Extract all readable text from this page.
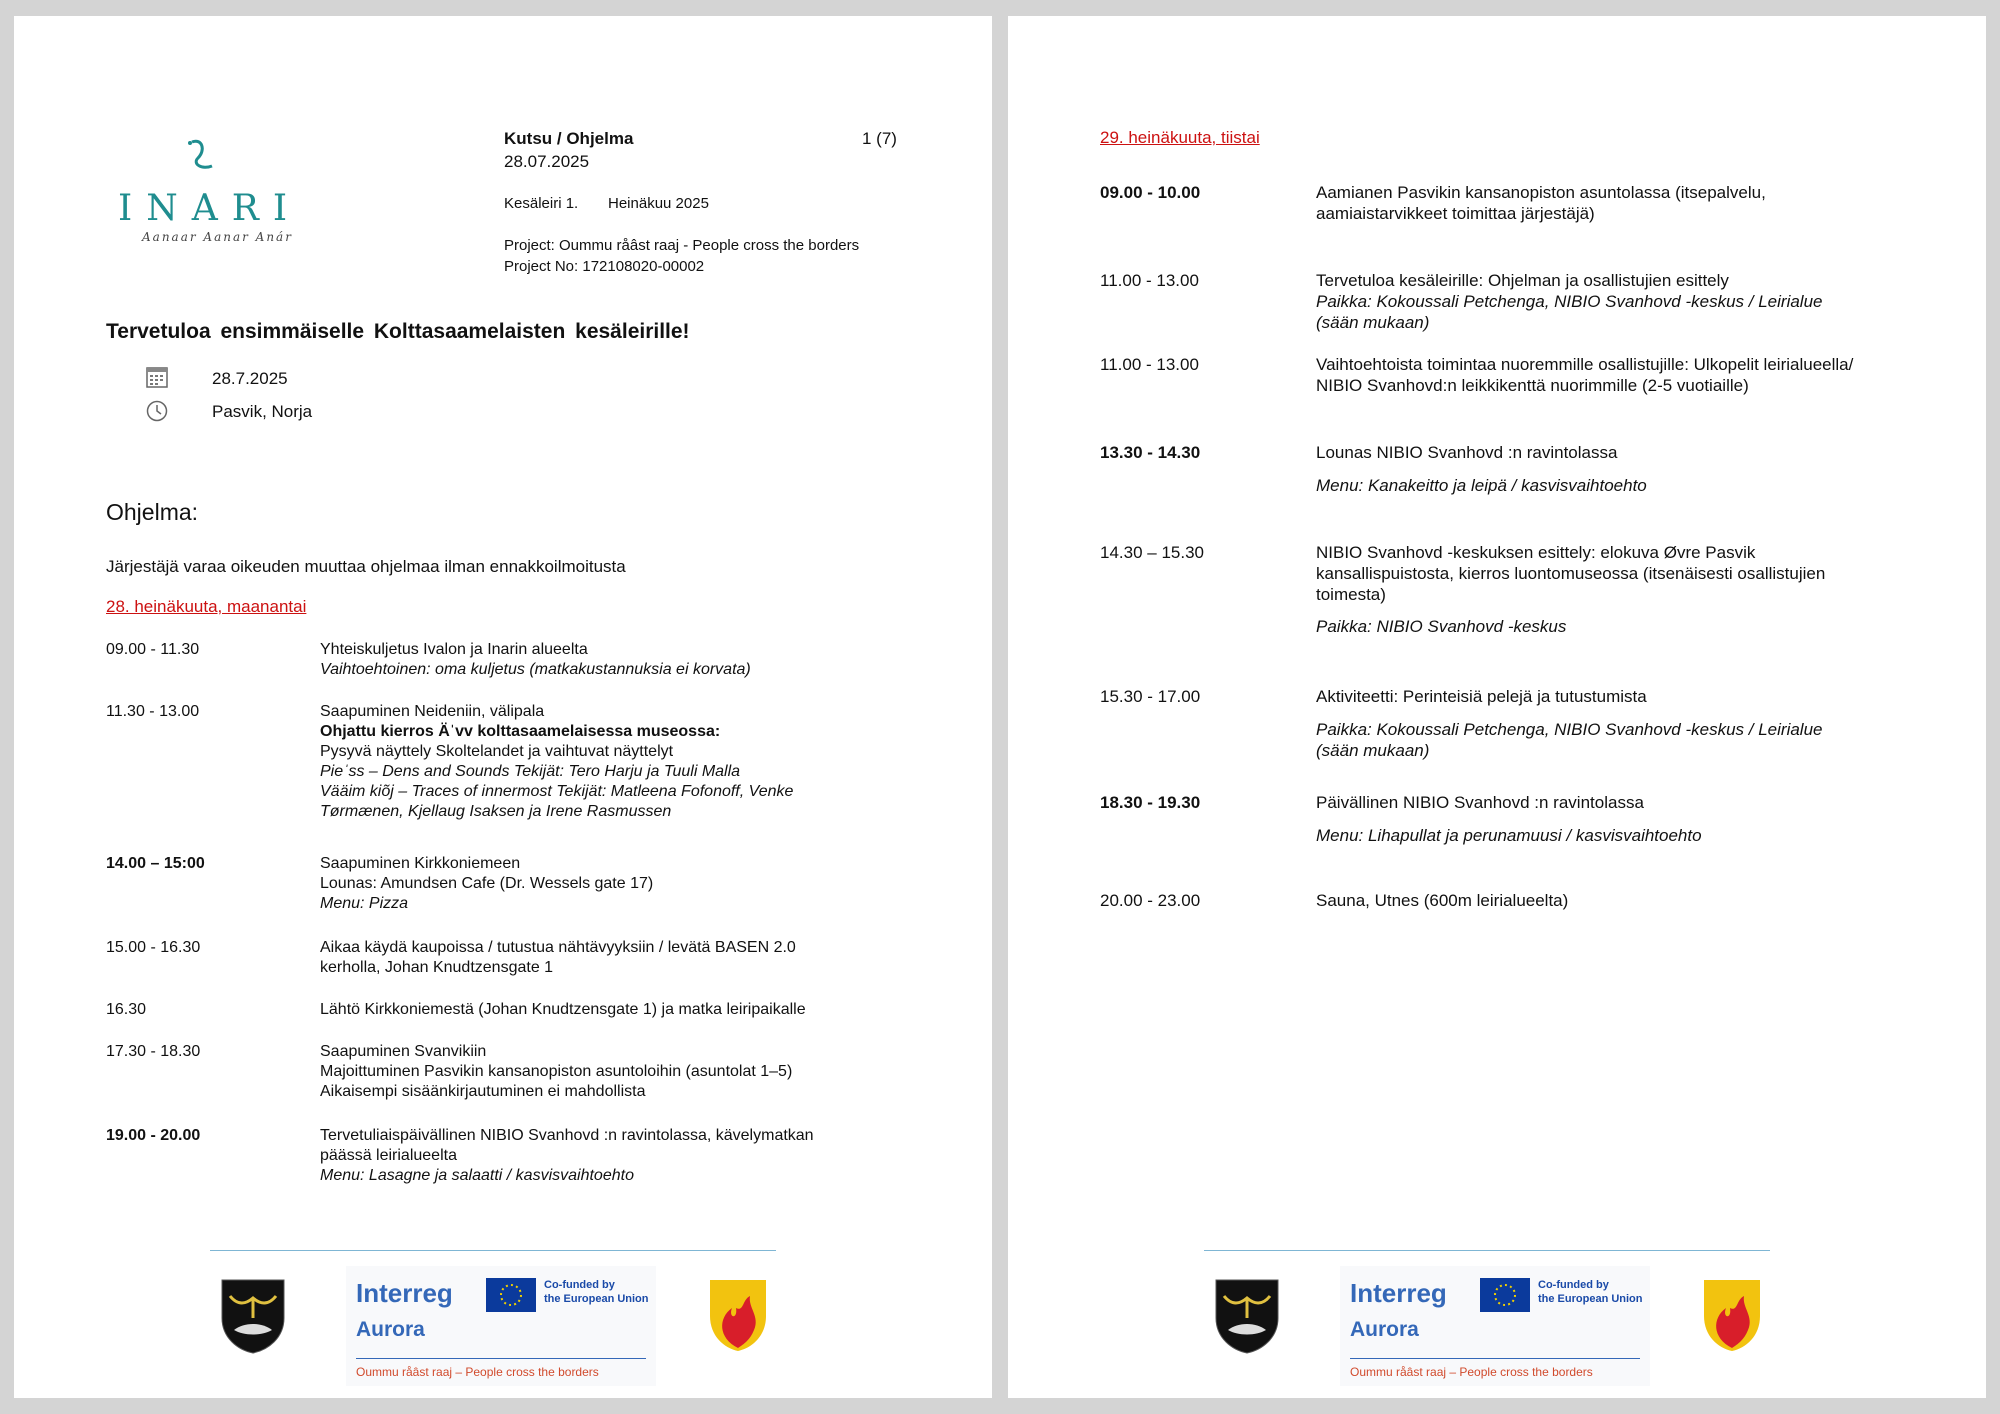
INARI
Aanaar Aanar Anár
Kutsu / Ohjelma	1 (7)
28.07.2025
Kesäleiri 1. Heinäkuu 2025
Project: Oummu råâst raaj - People cross the borders
Project No: 172108020-00002
Tervetuloa ensimmäiselle Kolttasaamelaisten kesäleirille!
28.7.2025
Pasvik, Norja
Ohjelma:
Järjestäjä varaa oikeuden muuttaa ohjelmaa ilman ennakkoilmoitusta
28. heinäkuuta, maanantai
09.00 - 11.30	Yhteiskuljetus Ivalon ja Inarin alueelta
Vaihtoehtoinen: oma kuljetus (matkakustannuksia ei korvata)
11.30 - 13.00	Saapuminen Neideniin, välipala
Ohjattu kierros Äˈvv kolttasaamelaisessa museossa:
Pysyvä näyttely Skoltelandet ja vaihtuvat näyttelyt
Pieˈss – Dens and Sounds Tekijät: Tero Harju ja Tuuli Malla
Vääim kiõj – Traces of innermost Tekijät: Matleena Fofonoff, Venke
Tørmænen, Kjellaug Isaksen ja Irene Rasmussen
14.00 – 15:00	Saapuminen Kirkkoniemeen
Lounas: Amundsen Cafe (Dr. Wessels gate 17)
Menu: Pizza
15.00 - 16.30	Aikaa käydä kaupoissa / tutustua nähtävyyksiin / levätä BASEN 2.0
kerholla, Johan Knudtzensgate 1
16.30	Lähtö Kirkkoniemestä (Johan Knudtzensgate 1) ja matka leiripaikalle
17.30 - 18.30	Saapuminen Svanvikiin
Majoittuminen Pasvikin kansanopiston asuntoloihin (asuntolat 1–5)
Aikaisempi sisäänkirjautuminen ei mahdollista
19.00 - 20.00	Tervetuliaispäivällinen NIBIO Svanhovd :n ravintolassa, kävelymatkan
päässä leirialueelta
Menu: Lasagne ja salaatti / kasvisvaihtoehto
Interreg
Aurora
Co-funded by
the European Union
Oummu råâst raaj – People cross the borders
29. heinäkuuta, tiistai
09.00 - 10.00	Aamianen Pasvikin kansanopiston asuntolassa (itsepalvelu,
aamiaistarvikkeet toimittaa järjestäjä)
11.00 - 13.00	Tervetuloa kesäleirille: Ohjelman ja osallistujien esittely
Paikka: Kokoussali Petchenga, NIBIO Svanhovd -keskus / Leirialue
(sään mukaan)
11.00 - 13.00	Vaihtoehtoista toimintaa nuoremmille osallistujille: Ulkopelit leirialueella/
NIBIO Svanhovd:n leikkikenttä nuorimmille (2-5 vuotiaille)
13.30 - 14.30	Lounas NIBIO Svanhovd :n ravintolassa
Menu: Kanakeitto ja leipä / kasvisvaihtoehto
14.30 – 15.30	NIBIO Svanhovd -keskuksen esittely: elokuva Øvre Pasvik
kansallispuistosta, kierros luontomuseossa (itsenäisesti osallistujien
toimesta)
Paikka: NIBIO Svanhovd -keskus
15.30 - 17.00	Aktiviteetti: Perinteisiä pelejä ja tutustumista
Paikka: Kokoussali Petchenga, NIBIO Svanhovd -keskus / Leirialue
(sään mukaan)
18.30 - 19.30	Päivällinen NIBIO Svanhovd :n ravintolassa
Menu: Lihapullat ja perunamuusi / kasvisvaihtoehto
20.00 - 23.00	Sauna, Utnes (600m leirialueelta)
Interreg
Aurora
Co-funded by
the European Union
Oummu råâst raaj – People cross the borders
